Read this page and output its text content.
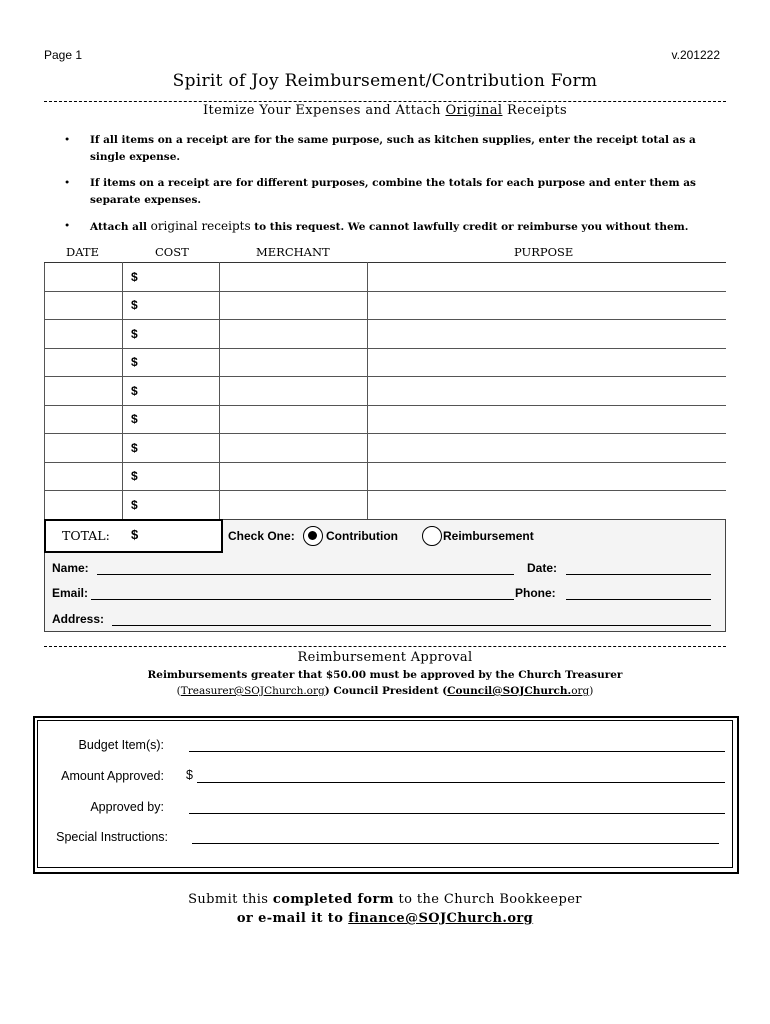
Page 1	v.201222
Spirit of Joy Reimbursement/Contribution Form
Itemize Your Expenses and Attach Original Receipts
• If all items on a receipt are for the same purpose, such as kitchen supplies, enter the receipt total as a single expense.
• If items on a receipt are for different purposes, combine the totals for each purpose and enter them as separate expenses.
• Attach all original receipts to this request. We cannot lawfully credit or reimburse you without them.
DATE	COST	MERCHANT	PURPOSE
	$		
	$		
	$		
	$		
	$		
	$		
	$		
	$		
	$		
TOTAL: $	Check One:	Contribution	Reimbursement
Name:	Date:
Email:	Phone:
Address:
Reimbursement Approval
Reimbursements greater that $50.00 must be approved by the Church Treasurer
(Treasurer@SOJChurch.org) Council President (Council@SOJChurch.org)
Budget Item(s):
Amount Approved: $
Approved by:
Special Instructions:
Submit this completed form to the Church Bookkeeper
or e-mail it to finance@SOJChurch.org
